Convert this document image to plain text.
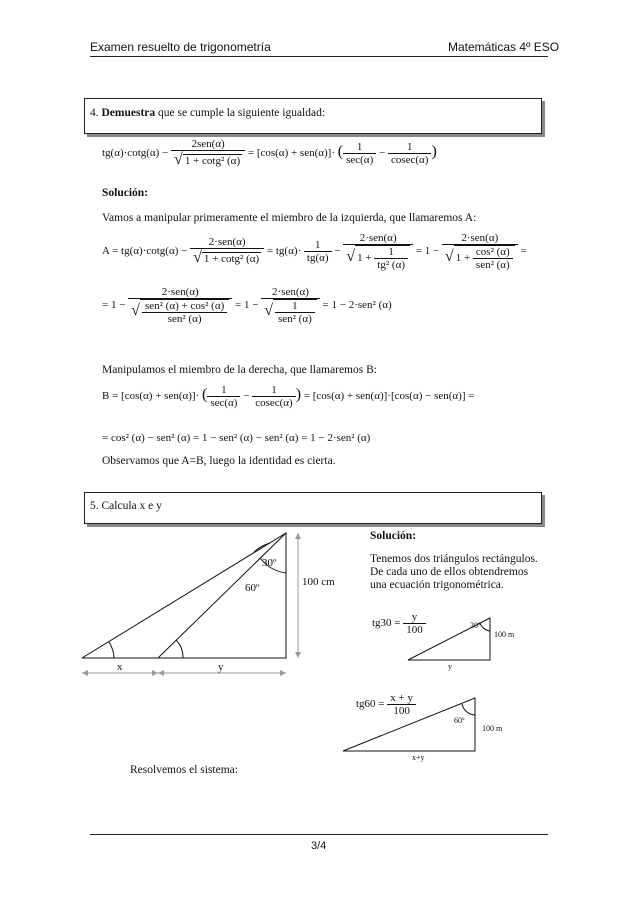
Examen resuelto de trigonometría	Matemáticas 4º ESO
4. Demuestra que se cumple la siguiente igualdad:
$tg(\alpha)\cdot\cot g(\alpha) - \frac{\text{2sen(α)}}{\text{√ 1 + cotg² (α)}} = [\cos(\alpha) + sen(\alpha)]\cdot$ ( $\frac{1}{\sec(\alpha)} - \frac{1}{cosec(\alpha)}$ )
Solución:
Vamos a manipular primeramente el miembro de la izquierda, que llamaremos A:
$A = tg(\alpha)\cdot\cot g(\alpha) - \frac{\text{2·sen(α)}}{\text{√ 1 + cotg² (α)}} = tg(\alpha)\cdot \frac{1}{tg(\alpha)} - \frac{\text{2·sen(α)}}{√ 1 + \frac{1}{\text{tg² (α)}}} = 1 - \frac{\text{2·sen(α)}}{√ 1 + \frac{\text{cos² (α)}}{\text{sen² (α)}}}$ =
= $1 - \frac{\text{2·sen(α)}}{√ \frac{\text{sen² (α) + cos² (α)}}{\text{sen² (α)}}} = 1 - \frac{\text{2·sen(α)}}{√ \frac{1}{\text{sen² (α)}}} = 1 - 2\cdot sen^2$ (α)
Manipulamos el miembro de la derecha, que llamaremos B:
B = [cos(α) + sen(α)]· ( $\frac{1}{\sec(\alpha)} - \frac{1}{cosec(\alpha)}$ ) = [cos(α) + sen(α)]·[cos(α) − sen(α)] =
= cos² (α) − sen² (α) = 1 − sen² (α) − sen² (α) = 1 − 2·sen² (α)
Observamos que A=B, luego la identidad es cierta.
5. Calcula x e y
30º
60º	100 cm
x	y
Solución:
Tenemos dos triángulos rectángulos.
De cada uno de ellos obtendremos
una ecuación trigonométrica.
$tg30 = \frac{y}{100}$	30º
100 m
y
$tg60 = \frac{x + y}{100}$
60º
100 m
x+y
Resolvemos el sistema:
3/4
